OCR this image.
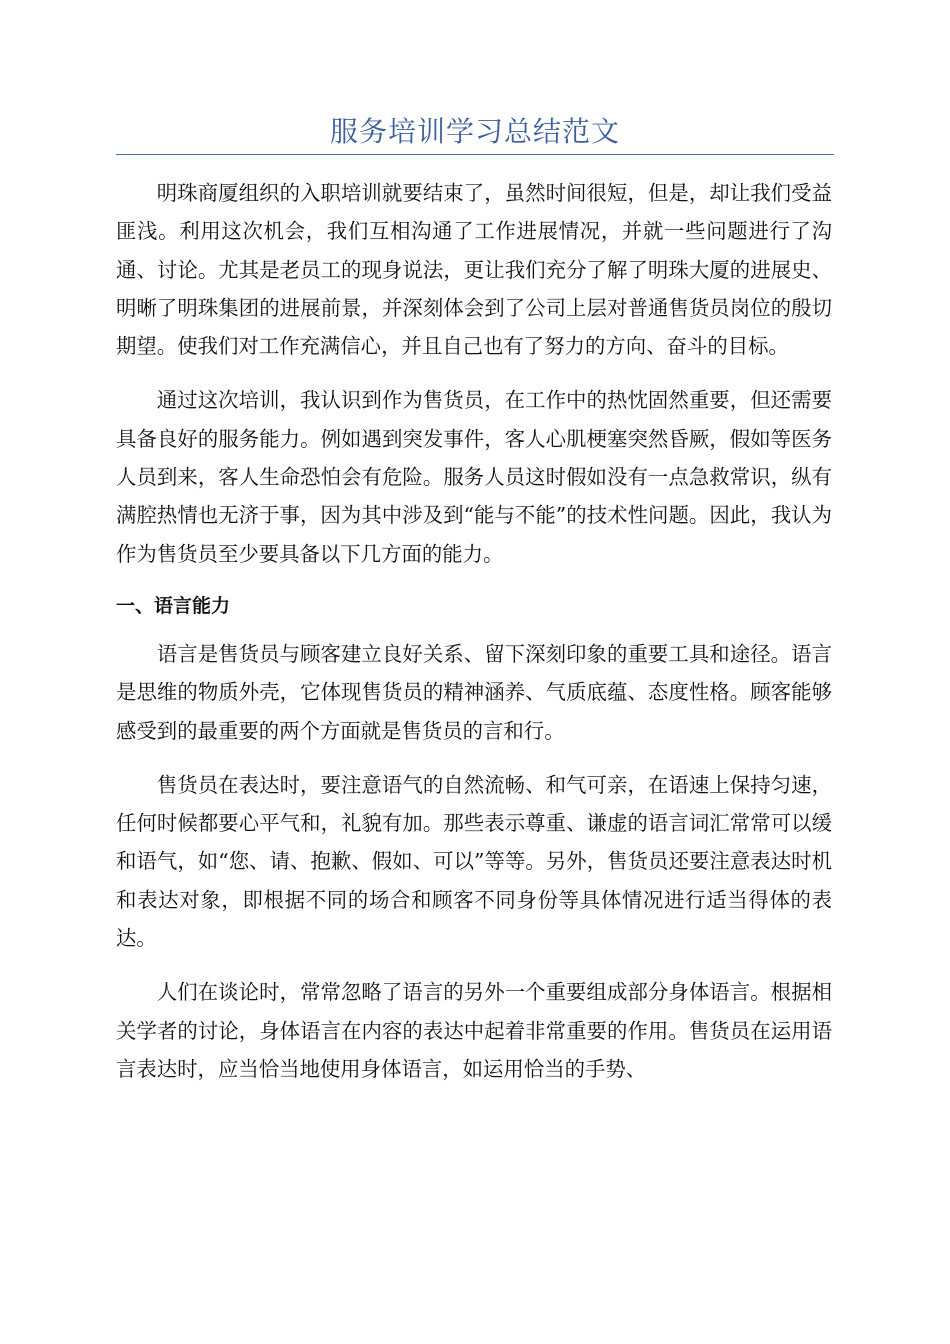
服务培训学习总结范文

明珠商厦组织的入职培训就要结束了，虽然时间很短，但是，却让我们受益匪浅。利用这次机会，我们互相沟通了工作进展情况，并就一些问题进行了沟通、讨论。尤其是老员工的现身说法，更让我们充分了解了明珠大厦的进展史、明晰了明珠集团的进展前景，并深刻体会到了公司上层对普通售货员岗位的殷切期望。使我们对工作充满信心，并且自己也有了努力的方向、奋斗的目标。

通过这次培训，我认识到作为售货员，在工作中的热忱固然重要，但还需要具备良好的服务能力。例如遇到突发事件，客人心肌梗塞突然昏厥，假如等医务人员到来，客人生命恐怕会有危险。服务人员这时假如没有一点急救常识，纵有满腔热情也无济于事，因为其中涉及到“能与不能”的技术性问题。因此，我认为作为售货员至少要具备以下几方面的能力。

一、语言能力

语言是售货员与顾客建立良好关系、留下深刻印象的重要工具和途径。语言是思维的物质外壳，它体现售货员的精神涵养、气质底蕴、态度性格。顾客能够感受到的最重要的两个方面就是售货员的言和行。

售货员在表达时，要注意语气的自然流畅、和气可亲，在语速上保持匀速，任何时候都要心平气和，礼貌有加。那些表示尊重、谦虚的语言词汇常常可以缓和语气，如“您、请、抱歉、假如、可以”等等。另外，售货员还要注意表达时机和表达对象，即根据不同的场合和顾客不同身份等具体情况进行适当得体的表达。

人们在谈论时，常常忽略了语言的另外一个重要组成部分身体语言。根据相关学者的讨论，身体语言在内容的表达中起着非常重要的作用。售货员在运用语言表达时，应当恰当地使用身体语言，如运用恰当的手势、
